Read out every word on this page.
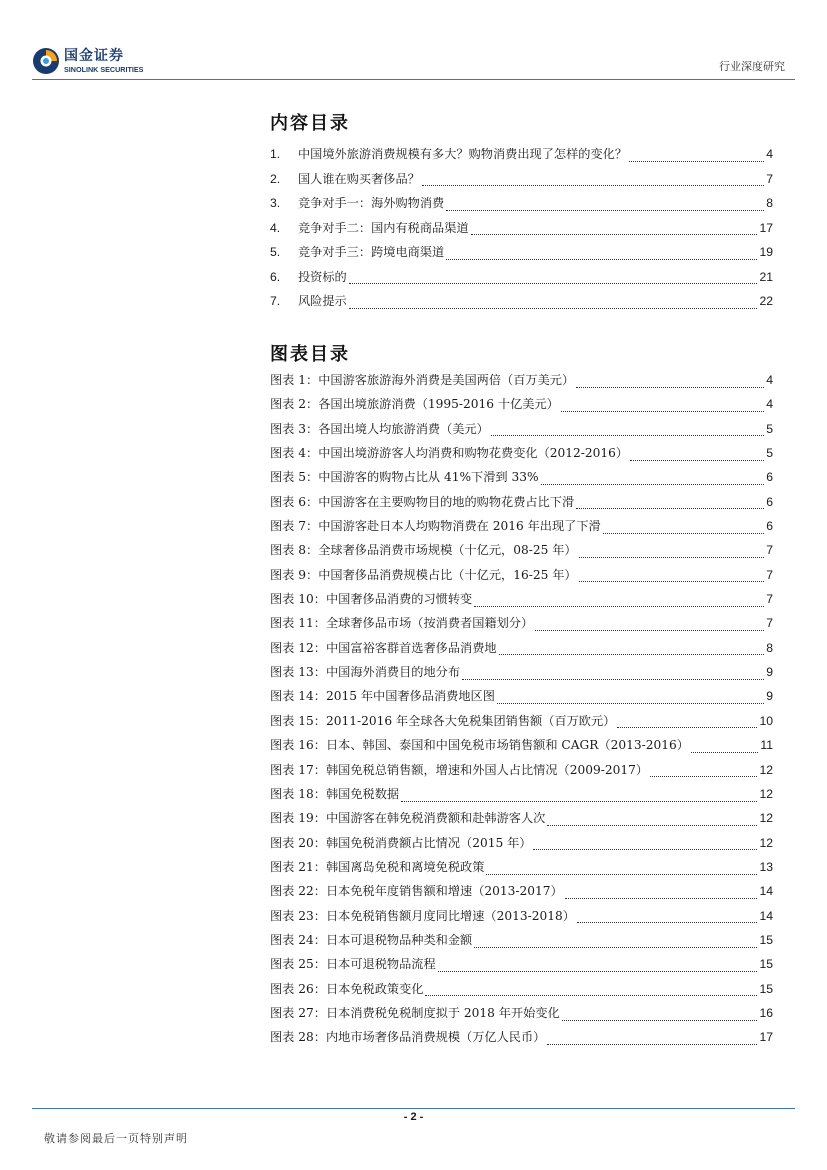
国金证券
SINOLINK SECURITIES	行业深度研究
内容目录
1.	中国境外旅游消费规模有多大？购物消费出现了怎样的变化？	4
2.	国人谁在购买奢侈品？	7
3.	竞争对手一：海外购物消费	8
4.	竞争对手二：国内有税商品渠道	17
5.	竞争对手三：跨境电商渠道	19
6.	投资标的	21
7.	风险提示	22
图表目录
图表 1：中国游客旅游海外消费是美国两倍（百万美元）	4
图表 2：各国出境旅游消费（1995-2016 十亿美元）	4
图表 3：各国出境人均旅游消费（美元）	5
图表 4：中国出境游游客人均消费和购物花费变化（2012-2016）	5
图表 5：中国游客的购物占比从 41%下滑到 33%	6
图表 6：中国游客在主要购物目的地的购物花费占比下滑	6
图表 7：中国游客赴日本人均购物消费在 2016 年出现了下滑	6
图表 8：全球奢侈品消费市场规模（十亿元，08-25 年）	7
图表 9：中国奢侈品消费规模占比（十亿元，16-25 年）	7
图表 10：中国奢侈品消费的习惯转变	7
图表 11：全球奢侈品市场（按消费者国籍划分）	7
图表 12：中国富裕客群首选奢侈品消费地	8
图表 13：中国海外消费目的地分布	9
图表 14：2015 年中国奢侈品消费地区图	9
图表 15：2011-2016 年全球各大免税集团销售额（百万欧元）	10
图表 16：日本、韩国、泰国和中国免税市场销售额和 CAGR（2013-2016）	11
图表 17：韩国免税总销售额，增速和外国人占比情况（2009-2017）	12
图表 18：韩国免税数据	12
图表 19：中国游客在韩免税消费额和赴韩游客人次	12
图表 20：韩国免税消费额占比情况（2015 年）	12
图表 21：韩国离岛免税和离境免税政策	13
图表 22：日本免税年度销售额和增速（2013-2017）	14
图表 23：日本免税销售额月度同比增速（2013-2018）	14
图表 24：日本可退税物品种类和金额	15
图表 25：日本可退税物品流程	15
图表 26：日本免税政策变化	15
图表 27：日本消费税免税制度拟于 2018 年开始变化	16
图表 28：内地市场奢侈品消费规模（万亿人民币）	17
- 2 -
敬请参阅最后一页特别声明
